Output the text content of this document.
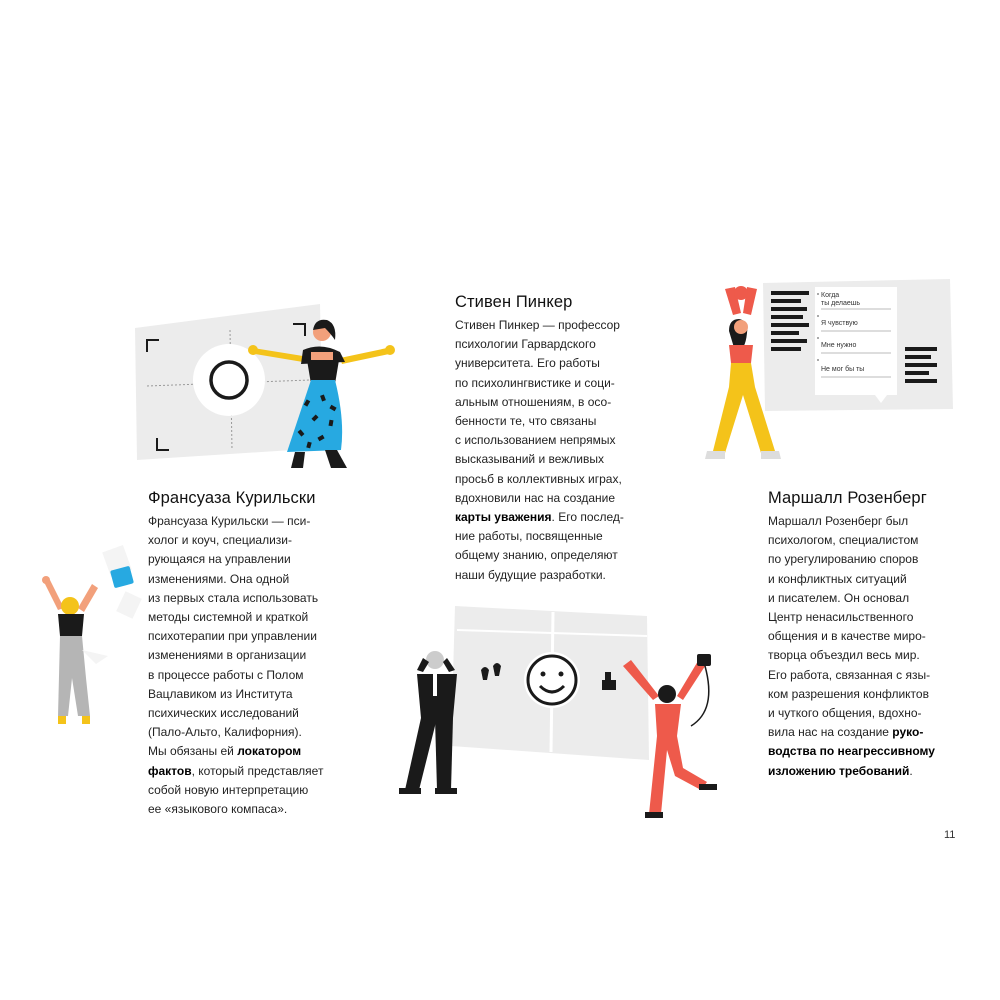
Когда
ты делаешь
Я чувствую
Мне нужно
Не мог бы ты
Стивен Пинкер

Стивен Пинкер — профессор

психологии Гарвардского

университета. Его работы

по психолингвистике и соци-

альным отношениям, в осо-

бенности те, что связаны

с использованием непрямых

высказываний и вежливых

просьб в коллективных играх,

вдохновили нас на создание

карты уважения. Его послед-

ние работы, посвященные

общему знанию, определяют

наши будущие разработки.

Франсуаза Курильски

Франсуаза Курильски — пси-

холог и коуч, специализи-

рующаяся на управлении

изменениями. Она одной

из первых стала использовать

методы системной и краткой

психотерапии при управлении

изменениями в организации

в процессе работы с Полом

Вацлавиком из Института

психических исследований

(Пало-Альто, Калифорния).

Мы обязаны ей локатором

фактов, который представляет

собой новую интерпретацию

ее «языкового компаса».

Маршалл Розенберг

Маршалл Розенберг был

психологом, специалистом

по урегулированию споров

и конфликтных ситуаций

и писателем. Он основал

Центр ненасильственного

общения и в качестве миро-

творца объездил весь мир.

Его работа, связанная с язы-

ком разрешения конфликтов

и чуткого общения, вдохно-

вила нас на создание руко-

водства по неагрессивному

изложению требований.

11
